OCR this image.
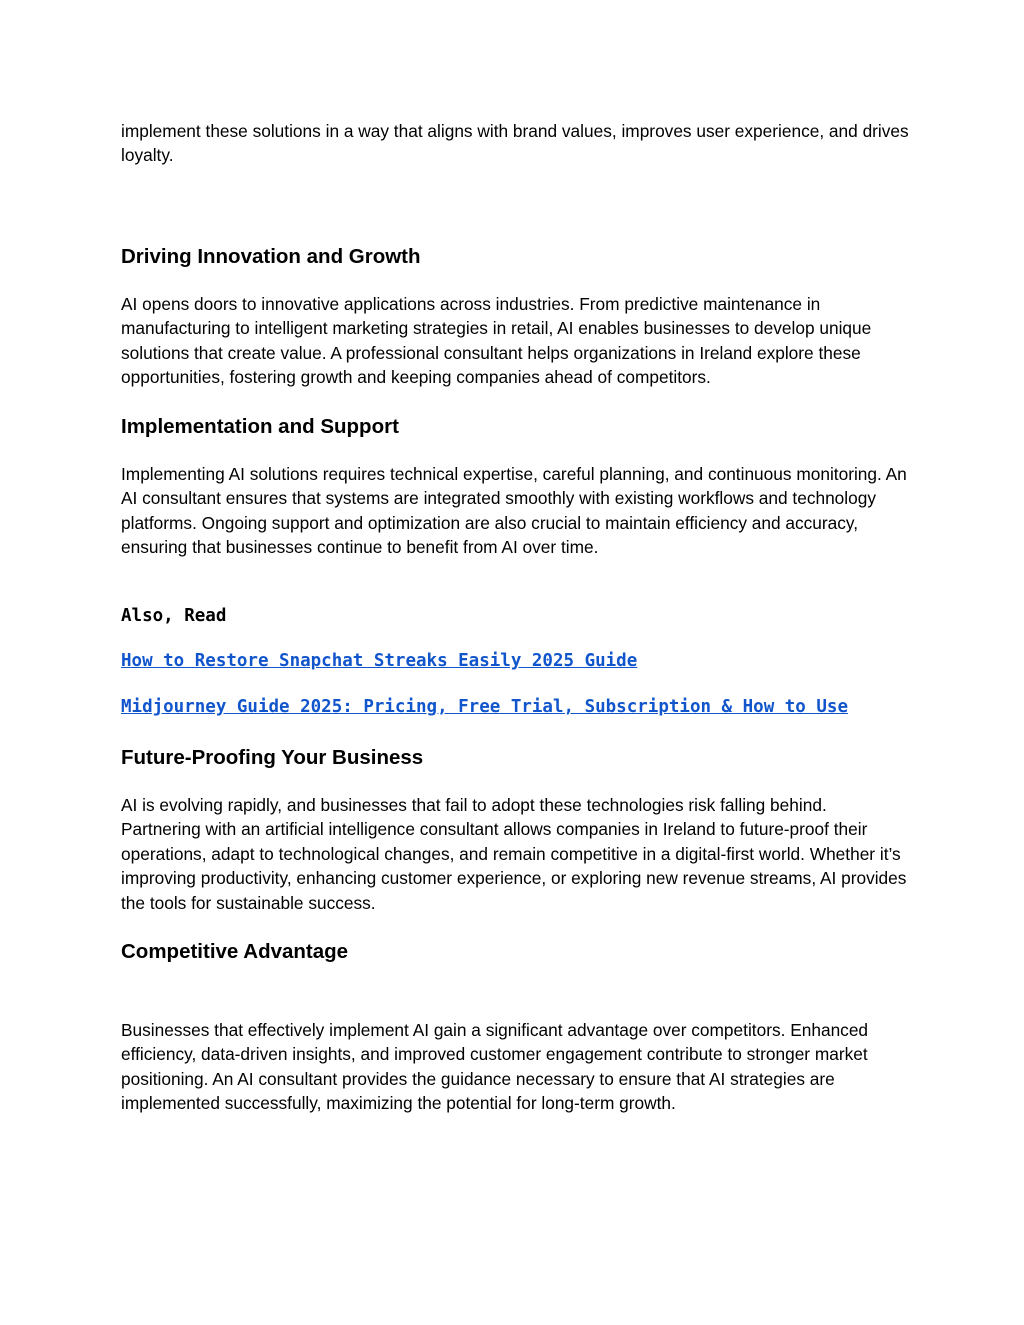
implement these solutions in a way that aligns with brand values, improves user experience, and drives loyalty.

Driving Innovation and Growth

AI opens doors to innovative applications across industries. From predictive maintenance in manufacturing to intelligent marketing strategies in retail, AI enables businesses to develop unique solutions that create value. A professional consultant helps organizations in Ireland explore these opportunities, fostering growth and keeping companies ahead of competitors.

Implementation and Support

Implementing AI solutions requires technical expertise, careful planning, and continuous monitoring. An AI consultant ensures that systems are integrated smoothly with existing workflows and technology platforms. Ongoing support and optimization are also crucial to maintain efficiency and accuracy, ensuring that businesses continue to benefit from AI over time.

Also, Read

How to Restore Snapchat Streaks Easily 2025 Guide
Midjourney Guide 2025: Pricing, Free Trial, Subscription & How to Use
Future-Proofing Your Business

AI is evolving rapidly, and businesses that fail to adopt these technologies risk falling behind. Partnering with an artificial intelligence consultant allows companies in Ireland to future-proof their operations, adapt to technological changes, and remain competitive in a digital-first world. Whether it’s improving productivity, enhancing customer experience, or exploring new revenue streams, AI provides the tools for sustainable success.

Competitive Advantage

Businesses that effectively implement AI gain a significant advantage over competitors. Enhanced efficiency, data-driven insights, and improved customer engagement contribute to stronger market positioning. An AI consultant provides the guidance necessary to ensure that AI strategies are implemented successfully, maximizing the potential for long-term growth.
